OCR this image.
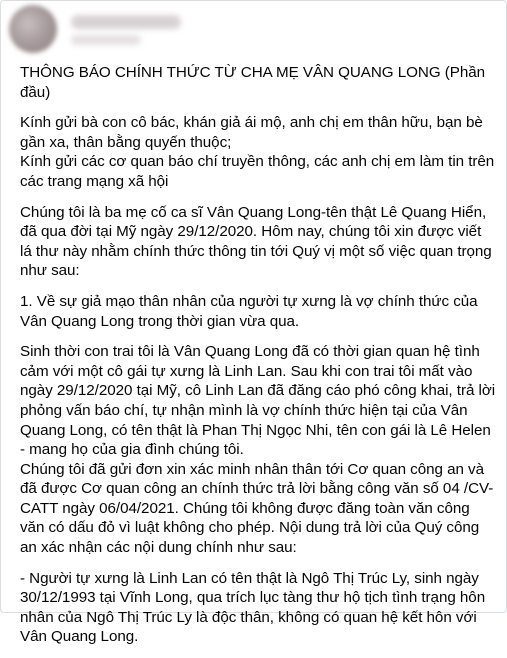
THÔNG BÁO CHÍNH THỨC TỪ CHA MẸ VÂN QUANG LONG (Phần đầu)

Kính gửi bà con cô bác, khán giả ái mộ, anh chị em thân hữu, bạn bè gần xa, thân bằng quyến thuộc;

Kính gửi các cơ quan báo chí truyền thông, các anh chị em làm tin trên các trang mạng xã hội

Chúng tôi là ba mẹ cố ca sĩ Vân Quang Long-tên thật Lê Quang Hiển, đã qua đời tại Mỹ ngày 29/12/2020. Hôm nay, chúng tôi xin được viết lá thư này nhằm chính thức thông tin tới Quý vị một số việc quan trọng như sau:

1. Về sự giả mạo thân nhân của người tự xưng là vợ chính thức của Vân Quang Long trong thời gian vừa qua.

Sinh thời con trai tôi là Vân Quang Long đã có thời gian quan hệ tình cảm với một cô gái tự xưng là Linh Lan. Sau khi con trai tôi mất vào ngày 29/12/2020 tại Mỹ, cô Linh Lan đã đăng cáo phó công khai, trả lời phỏng vấn báo chí, tự nhận mình là vợ chính thức hiện tại của Vân Quang Long, có tên thật là Phan Thị Ngọc Nhi, tên con gái là Lê Helen - mang họ của gia đình chúng tôi.

Chúng tôi đã gửi đơn xin xác minh nhân thân tới Cơ quan công an và đã được Cơ quan công an chính thức trả lời bằng công văn số 04 /CV-CATT ngày 06/04/2021. Chúng tôi không được đăng toàn văn công văn có dấu đỏ vì luật không cho phép. Nội dung trả lời của Quý công an xác nhận các nội dung chính như sau:

- Người tự xưng là Linh Lan có tên thật là Ngô Thị Trúc Ly, sinh ngày 30/12/1993 tại Vĩnh Long, qua trích lục tàng thư hộ tịch tình trạng hôn nhân của Ngô Thị Trúc Ly là độc thân, không có quan hệ kết hôn với Vân Quang Long.
